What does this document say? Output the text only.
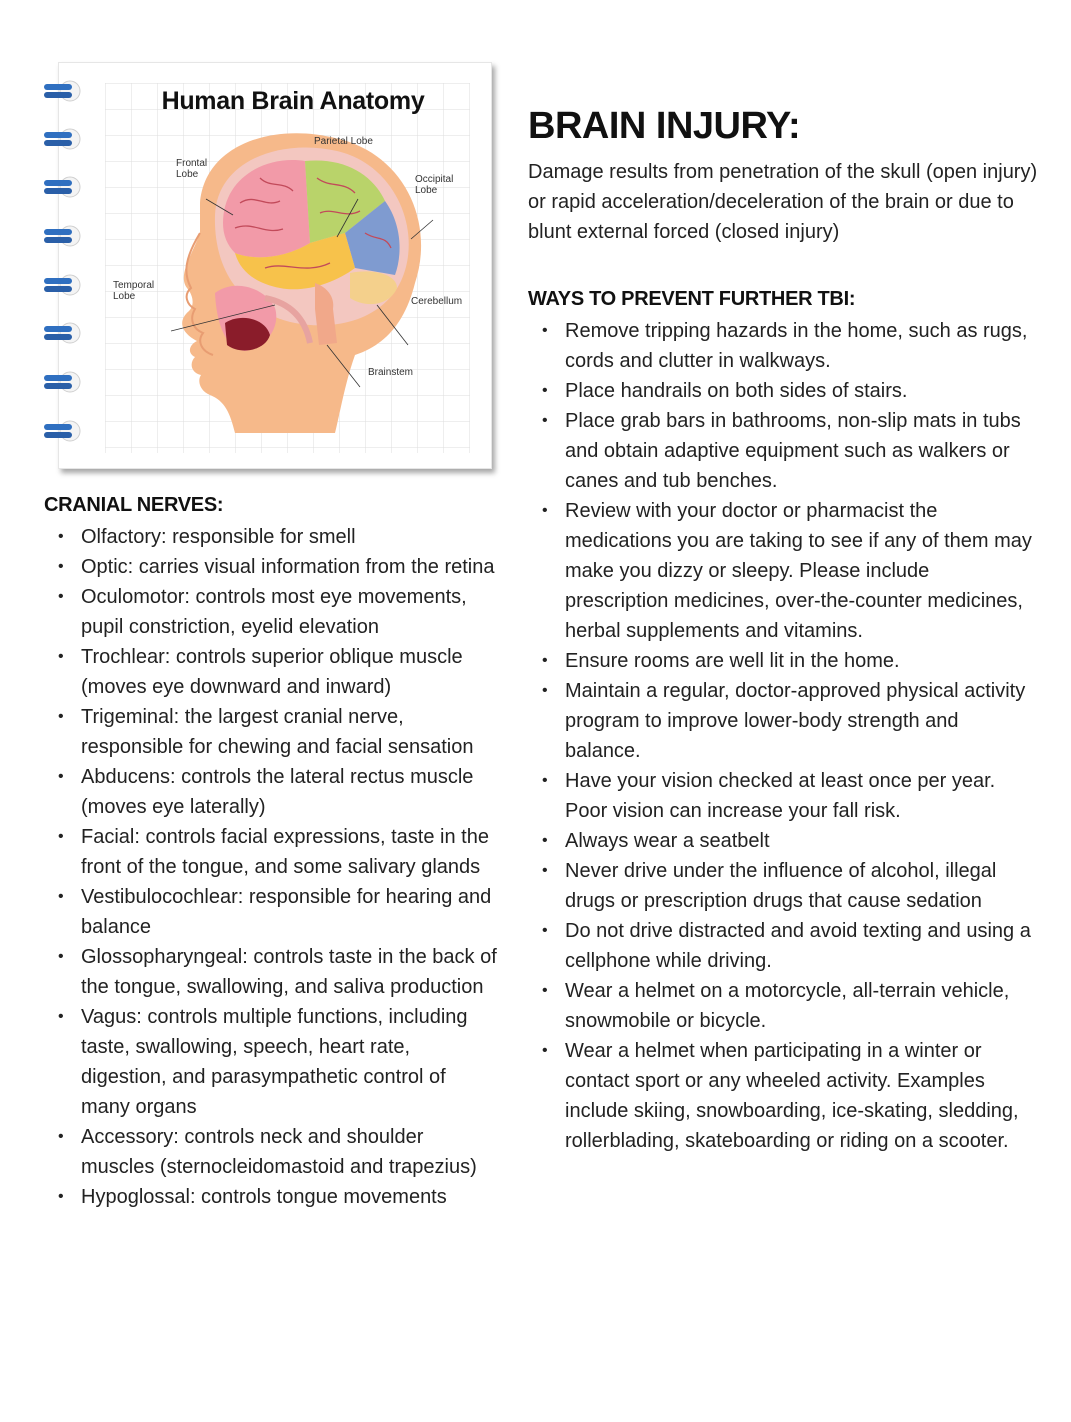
Human Brain Anatomy
Parietal Lobe
Frontal
Lobe	Occipital
Lobe
Temporal
Lobe	Cerebellum
Brainstem
BRAIN INJURY:

Damage results from penetration of the skull (open injury) or rapid acceleration/deceleration of the brain or due to blunt external forced (closed injury)

WAYS TO PREVENT FURTHER TBI:
• Remove tripping hazards in the home, such as rugs, cords and clutter in walkways.
• Place handrails on both sides of stairs.
• Place grab bars in bathrooms, non-slip mats in tubs and obtain adaptive equipment such as walkers or canes and tub benches.
• Review with your doctor or pharmacist the medications you are taking to see if any of them may make you dizzy or sleepy. Please include prescription medicines, over-the-counter medicines, herbal supplements and vitamins.
• Ensure rooms are well lit in the home.
• Maintain a regular, doctor-approved physical activity program to improve lower-body strength and balance.
• Have your vision checked at least once per year. Poor vision can increase your fall risk.
• Always wear a seatbelt
• Never drive under the influence of alcohol, illegal drugs or prescription drugs that cause sedation
• Do not drive distracted and avoid texting and using a cellphone while driving.
• Wear a helmet on a motorcycle, all-terrain vehicle, snowmobile or bicycle.
• Wear a helmet when participating in a winter or contact sport or any wheeled activity. Examples include skiing, snowboarding, ice-skating, sledding, rollerblading, skateboarding or riding on a scooter.
CRANIAL NERVES:
• Olfactory: responsible for smell
• Optic: carries visual information from the retina
• Oculomotor: controls most eye movements, pupil constriction, eyelid elevation
• Trochlear: controls superior oblique muscle (moves eye downward and inward)
• Trigeminal: the largest cranial nerve, responsible for chewing and facial sensation
• Abducens: controls the lateral rectus muscle (moves eye laterally)
• Facial: controls facial expressions, taste in the front of the tongue, and some salivary glands
• Vestibulocochlear: responsible for hearing and balance
• Glossopharyngeal: controls taste in the back of the tongue, swallowing, and saliva production
• Vagus: controls multiple functions, including taste, swallowing, speech, heart rate, digestion, and parasympathetic control of many organs
• Accessory: controls neck and shoulder muscles (sternocleidomastoid and trapezius)
• Hypoglossal: controls tongue movements
